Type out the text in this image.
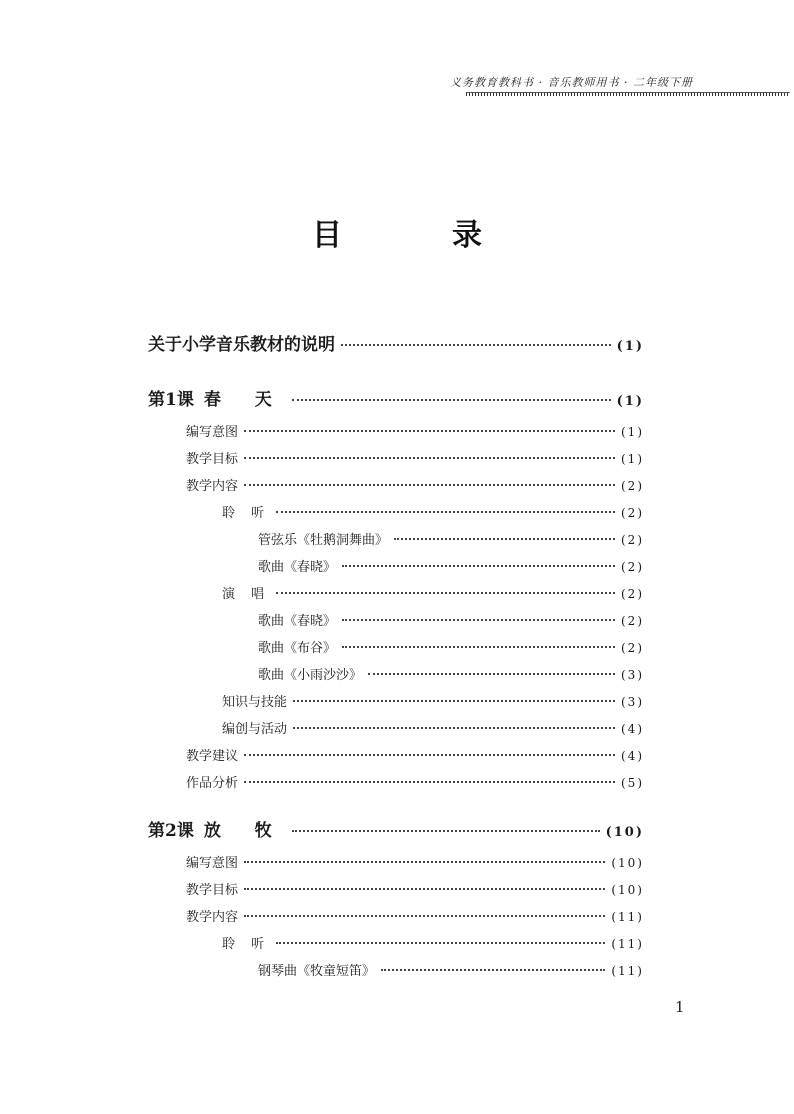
义务教育教科书 · 音乐教师用书 · 二年级下册
目	录
关于小学音乐教材的说明	(1)
第1课 春 天	(1)
编写意图	(1)
教学目标	(1)
教学内容	(2)
聆 听	(2)
管弦乐《牡鹅洞舞曲》	(2)
歌曲《春晓》	(2)
演 唱	(2)
歌曲《春晓》	(2)
歌曲《布谷》	(2)
歌曲《小雨沙沙》	(3)
知识与技能	(3)
编创与活动	(4)
教学建议	(4)
作品分析	(5)
第2课 放 牧	(10)
编写意图	(10)
教学目标	(10)
教学内容	(11)
聆 听	(11)
钢琴曲《牧童短笛》	(11)
1
